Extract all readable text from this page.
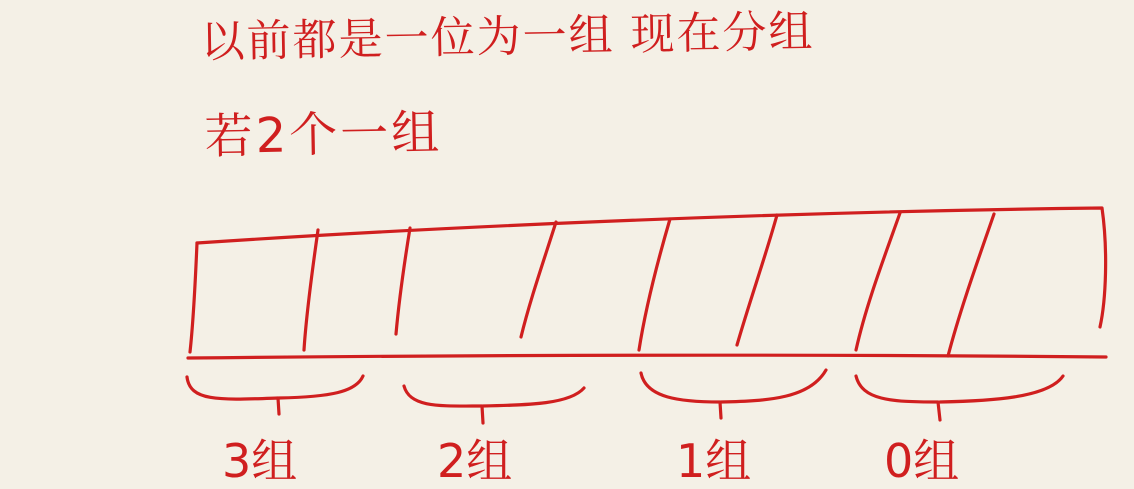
以前都是一位为一组 现在分组
若2个一组
3组	2组	1组	0组
